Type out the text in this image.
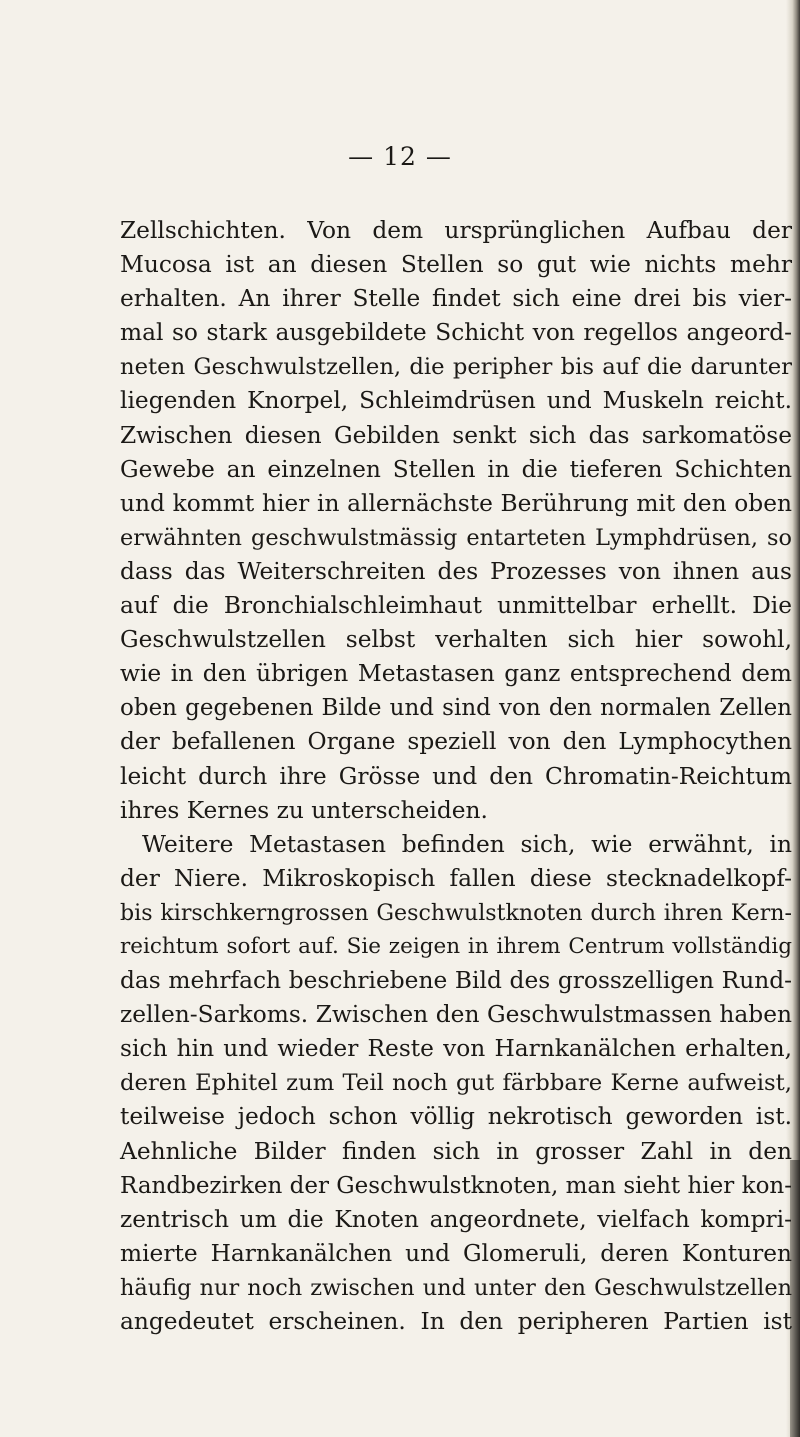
— 12 —
Zellschichten. Von dem ursprünglichen Aufbau der
Mucosa ist an diesen Stellen so gut wie nichts mehr
erhalten. An ihrer Stelle findet sich eine drei bis vier-
mal so stark ausgebildete Schicht von regellos angeord-
neten Geschwulstzellen, die peripher bis auf die darunter
liegenden Knorpel, Schleimdrüsen und Muskeln reicht.
Zwischen diesen Gebilden senkt sich das sarkomatöse
Gewebe an einzelnen Stellen in die tieferen Schichten
und kommt hier in allernächste Berührung mit den oben
erwähnten geschwulstmässig entarteten Lymphdrüsen, so
dass das Weiterschreiten des Prozesses von ihnen aus
auf die Bronchialschleimhaut unmittelbar erhellt. Die
Geschwulstzellen selbst verhalten sich hier sowohl,
wie in den übrigen Metastasen ganz entsprechend dem
oben gegebenen Bilde und sind von den normalen Zellen
der befallenen Organe speziell von den Lymphocythen
leicht durch ihre Grösse und den Chromatin-Reichtum
ihres Kernes zu unterscheiden.
Weitere Metastasen befinden sich, wie erwähnt, in
der Niere. Mikroskopisch fallen diese stecknadelkopf-
bis kirschkerngrossen Geschwulstknoten durch ihren Kern-
reichtum sofort auf. Sie zeigen in ihrem Centrum vollständig
das mehrfach beschriebene Bild des grosszelligen Rund-
zellen-Sarkoms. Zwischen den Geschwulstmassen haben
sich hin und wieder Reste von Harnkanälchen erhalten,
deren Ephitel zum Teil noch gut färbbare Kerne aufweist,
teilweise jedoch schon völlig nekrotisch geworden ist.
Aehnliche Bilder finden sich in grosser Zahl in den
Randbezirken der Geschwulstknoten, man sieht hier kon-
zentrisch um die Knoten angeordnete, vielfach kompri-
mierte Harnkanälchen und Glomeruli, deren Konturen
häufig nur noch zwischen und unter den Geschwulstzellen
angedeutet erscheinen. In den peripheren Partien ist
